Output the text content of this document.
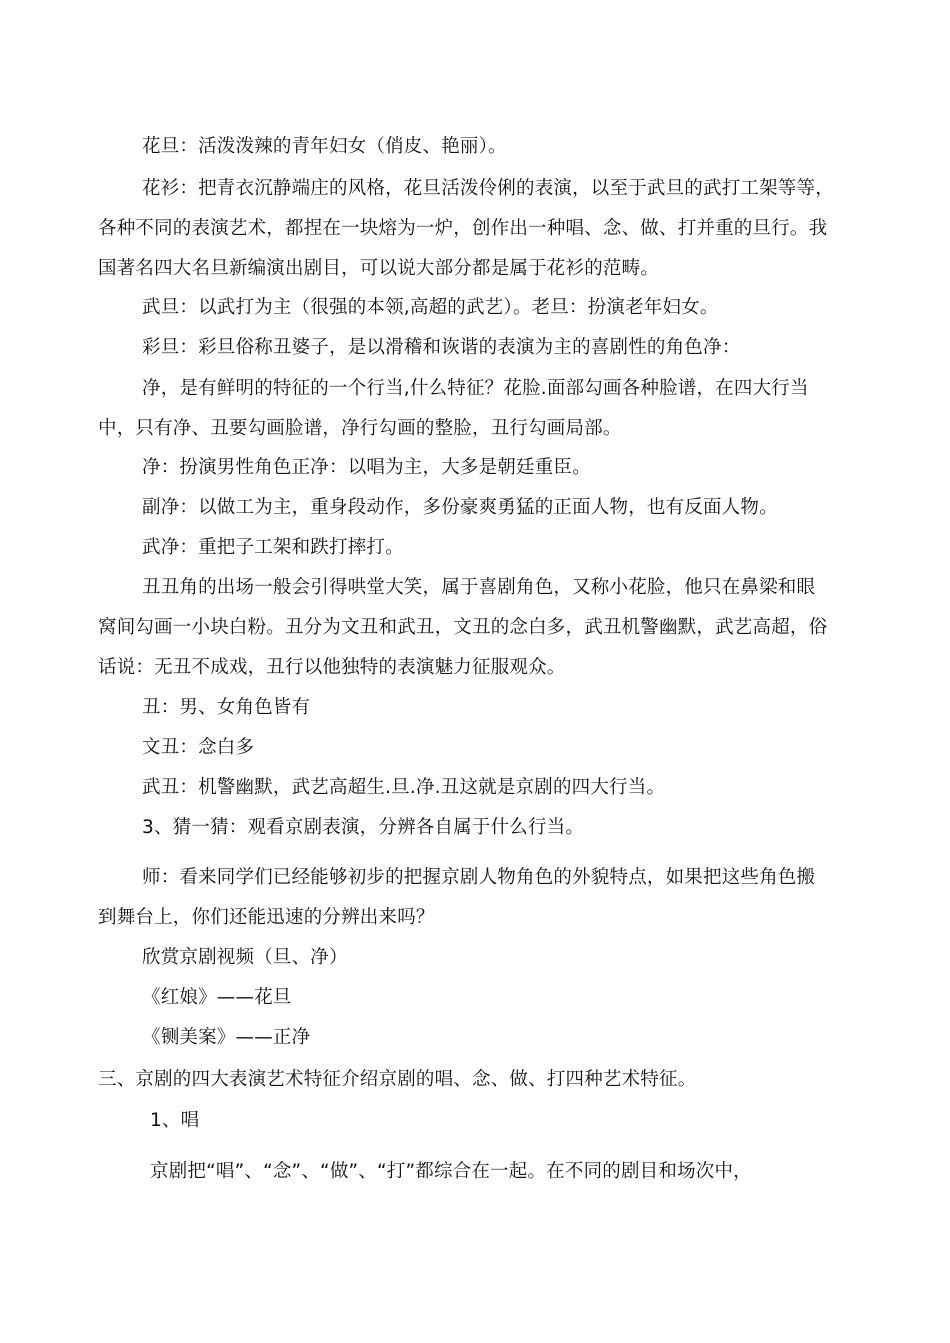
花旦：活泼泼辣的青年妇女（俏皮、艳丽）。
花衫：把青衣沉静端庄的风格，花旦活泼伶俐的表演，以至于武旦的武打工架等等，
各种不同的表演艺术，都捏在一块熔为一炉，创作出一种唱、念、做、打并重的旦行。我
国著名四大名旦新编演出剧目，可以说大部分都是属于花衫的范畴。
武旦：以武打为主（很强的本领,高超的武艺）。老旦：扮演老年妇女。
彩旦：彩旦俗称丑婆子，是以滑稽和诙谐的表演为主的喜剧性的角色净：
净，是有鲜明的特征的一个行当,什么特征？花脸.面部勾画各种脸谱，在四大行当
中，只有净、丑要勾画脸谱，净行勾画的整脸，丑行勾画局部。
净：扮演男性角色正净：以唱为主，大多是朝廷重臣。
副净：以做工为主，重身段动作，多份豪爽勇猛的正面人物，也有反面人物。
武净：重把子工架和跌打摔打。
丑丑角的出场一般会引得哄堂大笑，属于喜剧角色，又称小花脸，他只在鼻梁和眼
窝间勾画一小块白粉。丑分为文丑和武丑，文丑的念白多，武丑机警幽默，武艺高超，俗
话说：无丑不成戏，丑行以他独特的表演魅力征服观众。
丑：男、女角色皆有
文丑：念白多
武丑：机警幽默，武艺高超生.旦.净.丑这就是京剧的四大行当。
3、猜一猜：观看京剧表演，分辨各自属于什么行当。
师：看来同学们已经能够初步的把握京剧人物角色的外貌特点，如果把这些角色搬
到舞台上，你们还能迅速的分辨出来吗？
欣赏京剧视频（旦、净）
《红娘》——花旦
《铡美案》——正净
三、京剧的四大表演艺术特征介绍京剧的唱、念、做、打四种艺术特征。
1、唱
京剧把“唱”、“念”、“做”、“打”都综合在一起。在不同的剧目和场次中，
